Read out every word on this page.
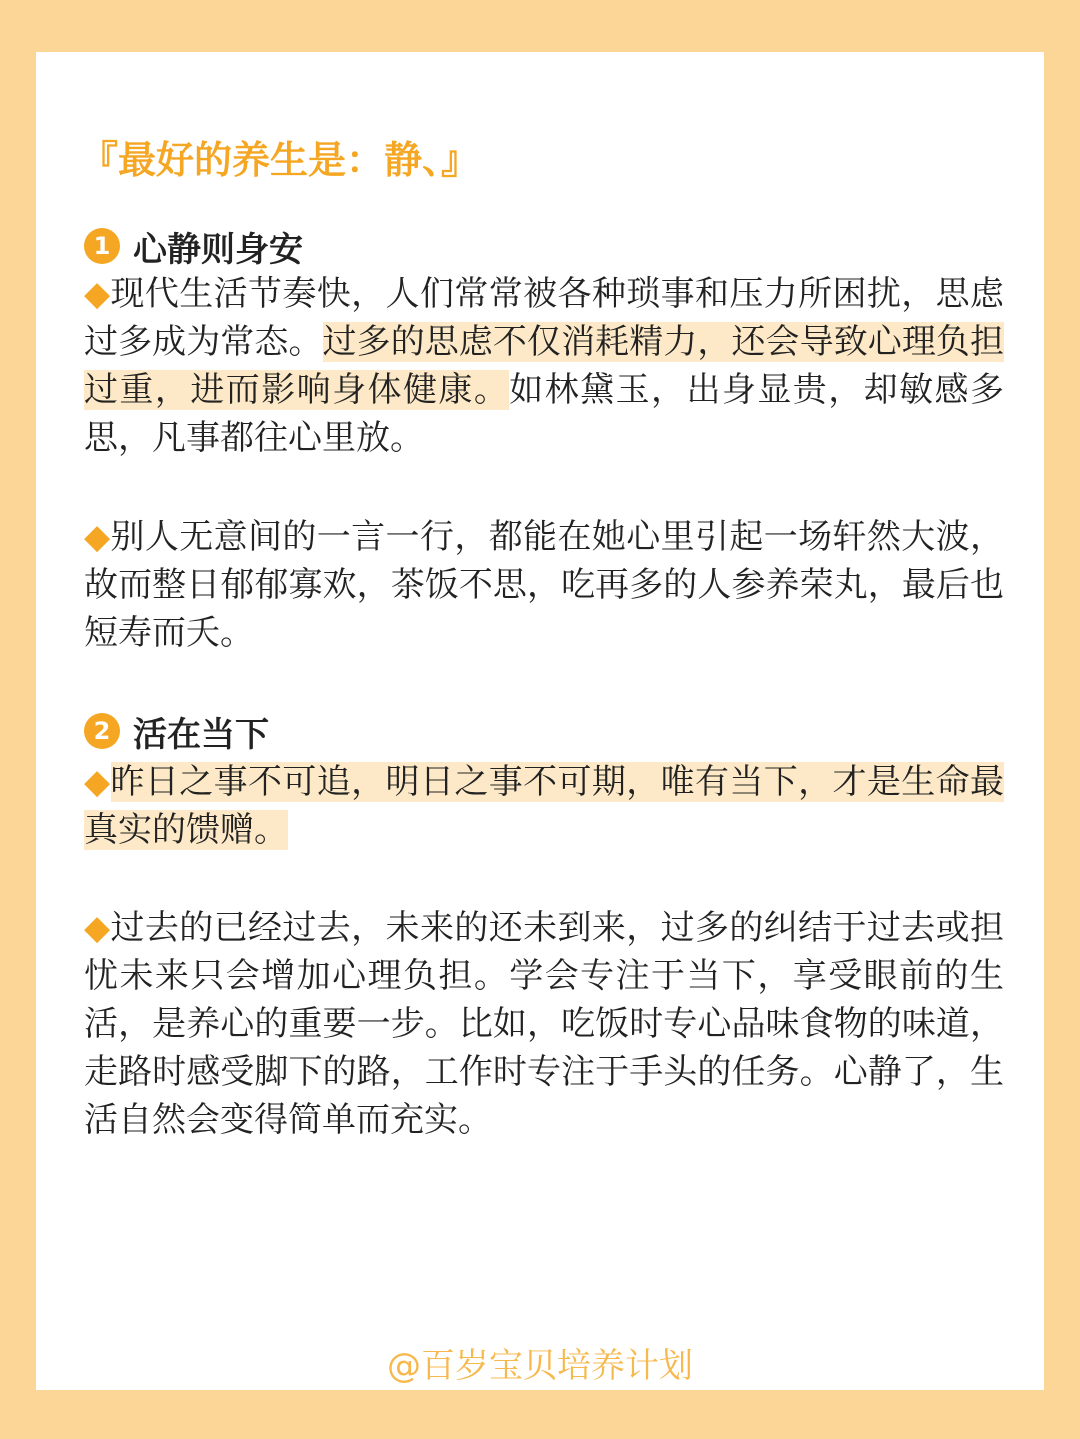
『最好的养生是：静、』
1 心静则身安

◆现代生活节奏快，人们常常被各种琐事和压力所困扰，思虑过多成为常态。过多的思虑不仅消耗精力，还会导致心理负担过重，进而影响身体健康。如林黛玉，出身显贵，却敏感多思，凡事都往心里放。

◆别人无意间的一言一行，都能在她心里引起一场轩然大波，故而整日郁郁寡欢，茶饭不思，吃再多的人参养荣丸，最后也短寿而夭。

2 活在当下

◆昨日之事不可追，明日之事不可期，唯有当下，才是生命最真实的馈赠。

◆过去的已经过去，未来的还未到来，过多的纠结于过去或担忧未来只会增加心理负担。学会专注于当下，享受眼前的生活，是养心的重要一步。比如，吃饭时专心品味食物的味道，走路时感受脚下的路，工作时专注于手头的任务。心静了，生活自然会变得简单而充实。

@百岁宝贝培养计划
